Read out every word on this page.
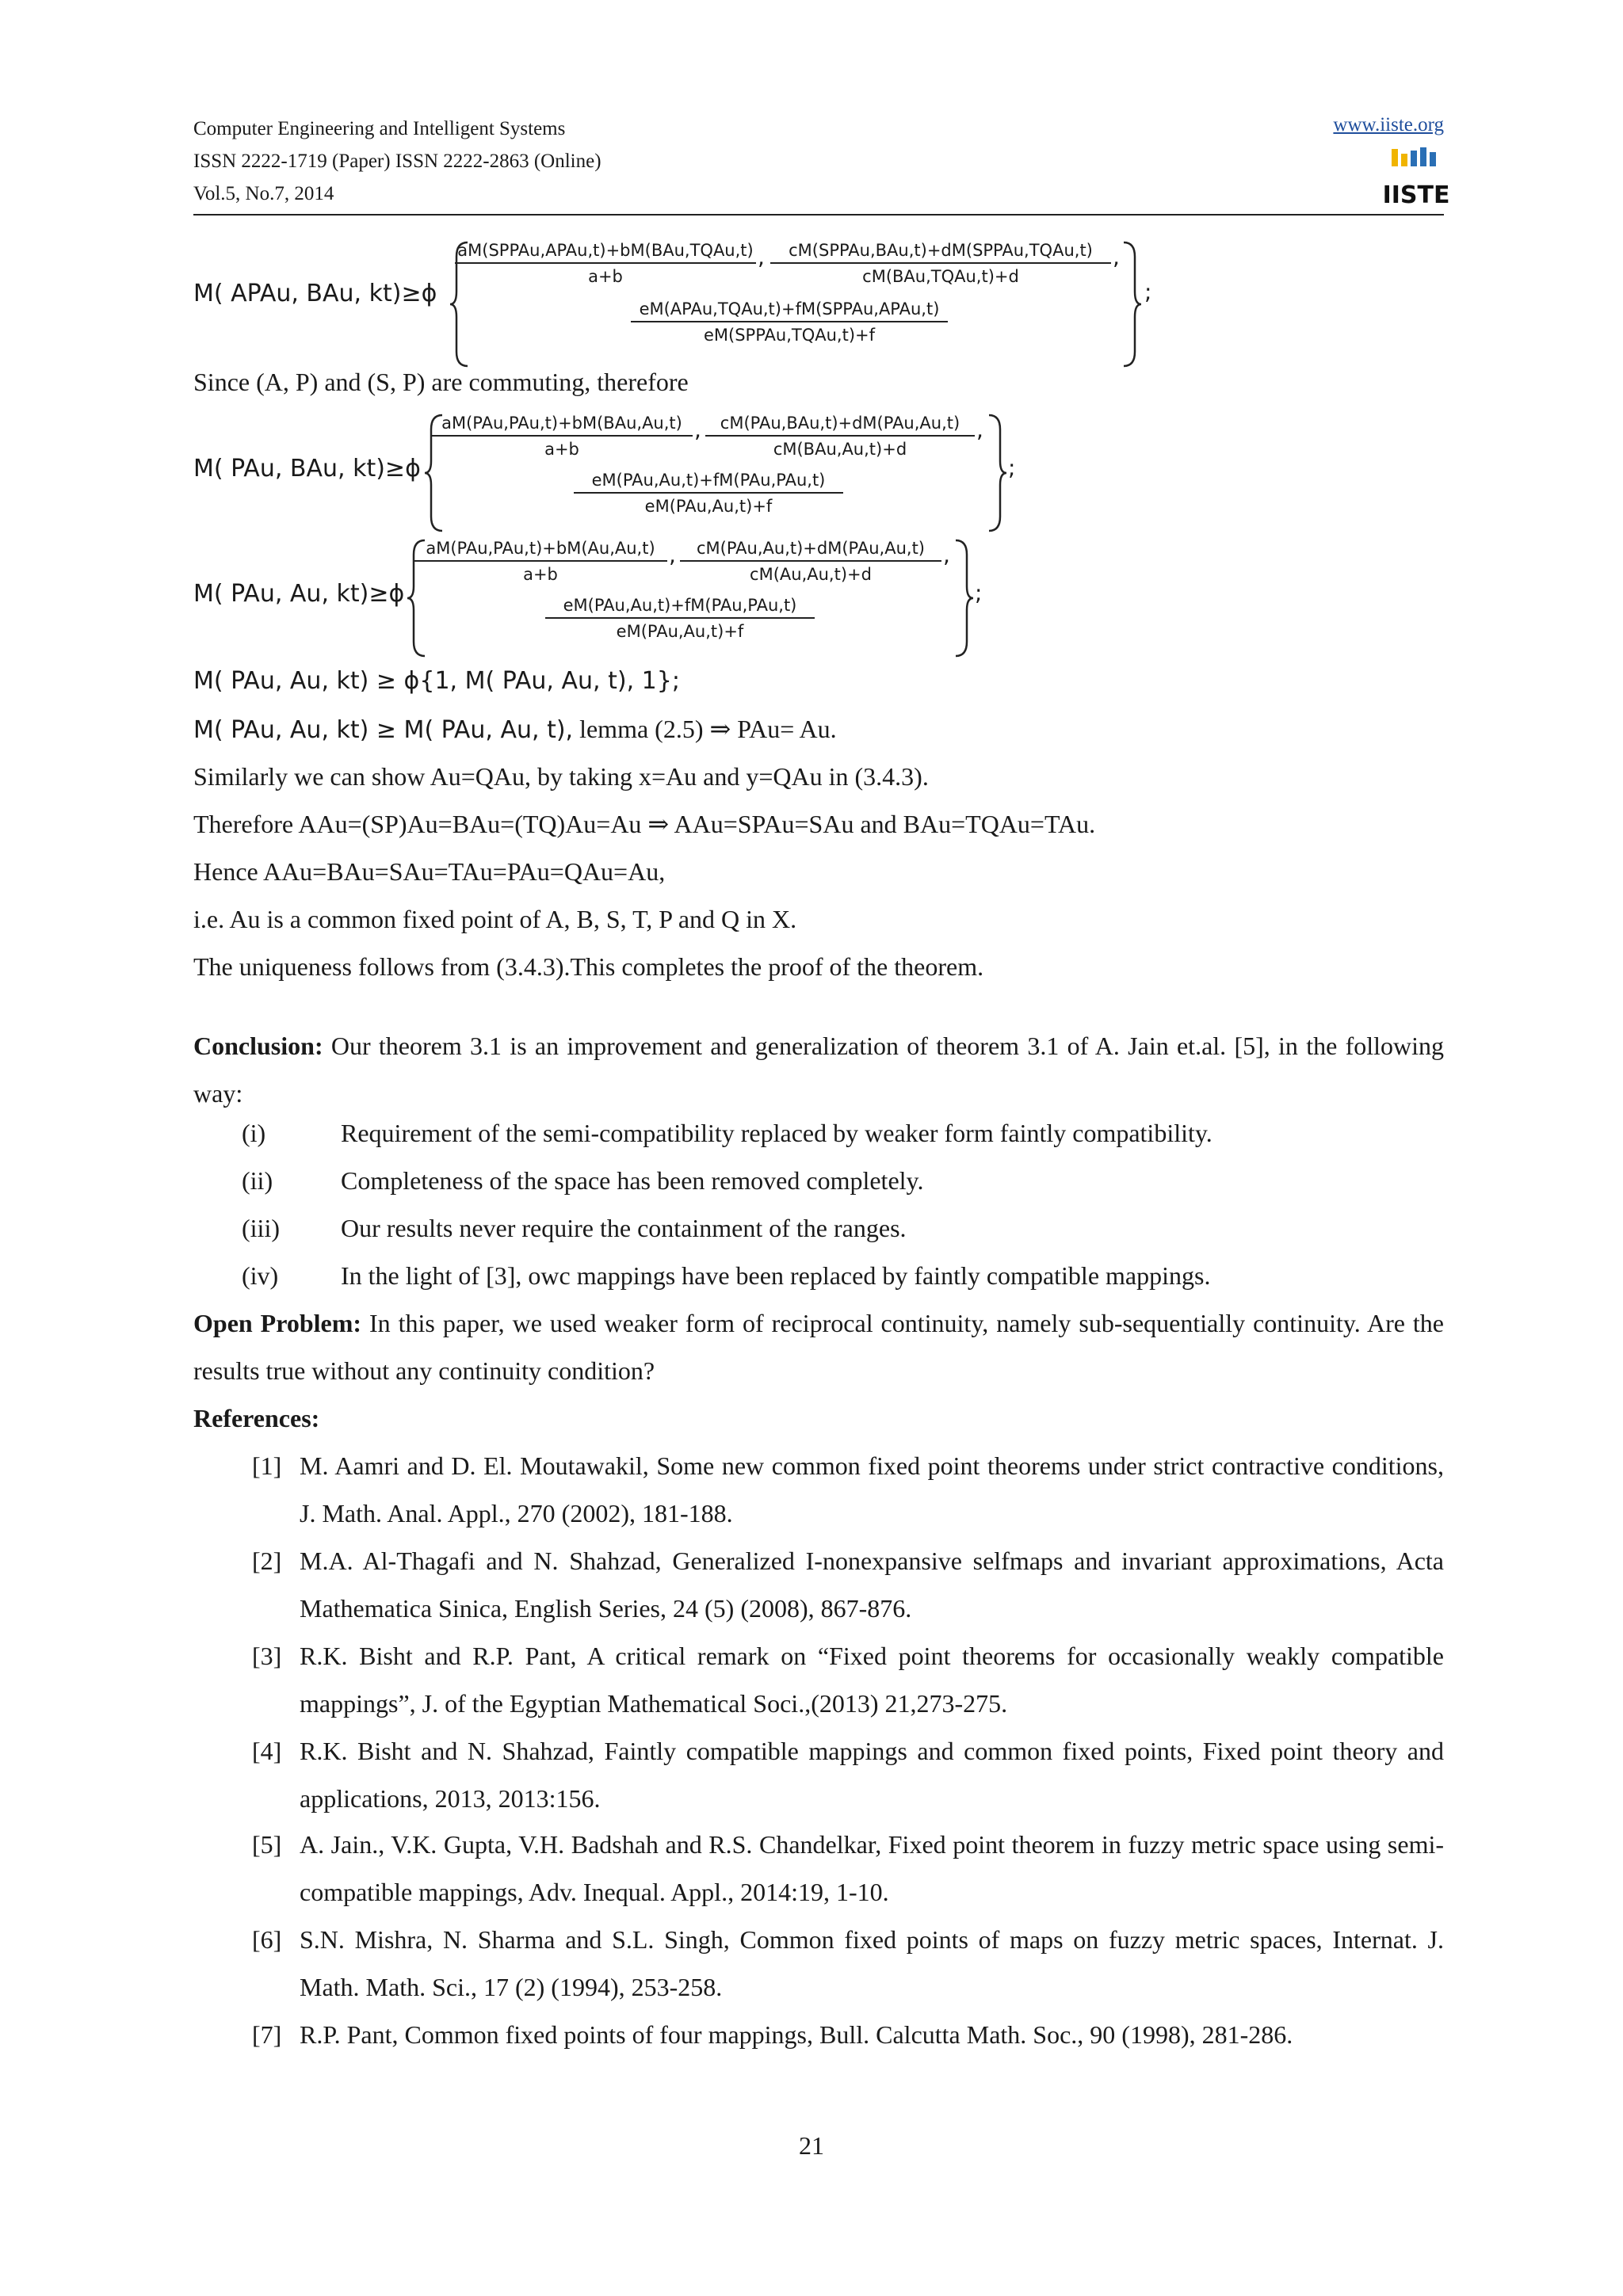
Computer Engineering and Intelligent Systems
ISSN 2222-1719 (Paper) ISSN 2222-2863 (Online)
Vol.5, No.7, 2014
www.iiste.org
IISTE
M( APAu, BAu, kt)≥ϕ
aM(SPPAu,APAu,t)+bM(BAu,TQAu,t)
a+b
,	cM(SPPAu,BAu,t)+dM(SPPAu,TQAu,t)
cM(BAu,TQAu,t)+d
,
eM(APAu,TQAu,t)+fM(SPPAu,APAu,t)
eM(SPPAu,TQAu,t)+f
;
Since (A, P) and (S, P) are commuting, therefore
M( PAu, BAu, kt)≥ϕ
aM(PAu,PAu,t)+bM(BAu,Au,t)
a+b
,	cM(PAu,BAu,t)+dM(PAu,Au,t)
cM(BAu,Au,t)+d
,
eM(PAu,Au,t)+fM(PAu,PAu,t)
eM(PAu,Au,t)+f
;
M( PAu, Au, kt)≥ϕ
aM(PAu,PAu,t)+bM(Au,Au,t)
a+b
,	cM(PAu,Au,t)+dM(PAu,Au,t)
cM(Au,Au,t)+d
,
eM(PAu,Au,t)+fM(PAu,PAu,t)
eM(PAu,Au,t)+f
;
M( PAu, Au, kt) ≥ ϕ{1, M( PAu, Au, t), 1};
M( PAu, Au, kt) ≥ M( PAu, Au, t), lemma (2.5) ⇒ PAu= Au.
Similarly we can show Au=QAu, by taking x=Au and y=QAu in (3.4.3).
Therefore AAu=(SP)Au=BAu=(TQ)Au=Au ⇒ AAu=SPAu=SAu and BAu=TQAu=TAu.
Hence AAu=BAu=SAu=TAu=PAu=QAu=Au,
i.e. Au is a common fixed point of A, B, S, T, P and Q in X.
The uniqueness follows from (3.4.3).This completes the proof of the theorem.
Conclusion: Our theorem 3.1 is an improvement and generalization of theorem 3.1 of A. Jain et.al. [5], in the following way:
(i)	Requirement of the semi-compatibility replaced by weaker form faintly compatibility.
(ii)	Completeness of the space has been removed completely.
(iii) Our results never require the containment of the ranges.
(iv) In the light of [3], owc mappings have been replaced by faintly compatible mappings.
Open Problem: In this paper, we used weaker form of reciprocal continuity, namely sub-sequentially continuity. Are the results true without any continuity condition?
References:
[1] M. Aamri and D. El. Moutawakil, Some new common fixed point theorems under strict contractive conditions, J. Math. Anal. Appl., 270 (2002), 181-188.
[2] M.A. Al-Thagafi and N. Shahzad, Generalized I-nonexpansive selfmaps and invariant approximations, Acta Mathematica Sinica, English Series, 24 (5) (2008), 867-876.
[3] R.K. Bisht and R.P. Pant, A critical remark on “Fixed point theorems for occasionally weakly compatible mappings”, J. of the Egyptian Mathematical Soci.,(2013) 21,273-275.
[4] R.K. Bisht and N. Shahzad, Faintly compatible mappings and common fixed points, Fixed point theory and applications, 2013, 2013:156.
[5] A. Jain., V.K. Gupta, V.H. Badshah and R.S. Chandelkar, Fixed point theorem in fuzzy metric space using semi-compatible mappings, Adv. Inequal. Appl., 2014:19, 1-10.
[6] S.N. Mishra, N. Sharma and S.L. Singh, Common fixed points of maps on fuzzy metric spaces, Internat. J. Math. Math. Sci., 17 (2) (1994), 253-258.
[7] R.P. Pant, Common fixed points of four mappings, Bull. Calcutta Math. Soc., 90 (1998), 281-286.
21
